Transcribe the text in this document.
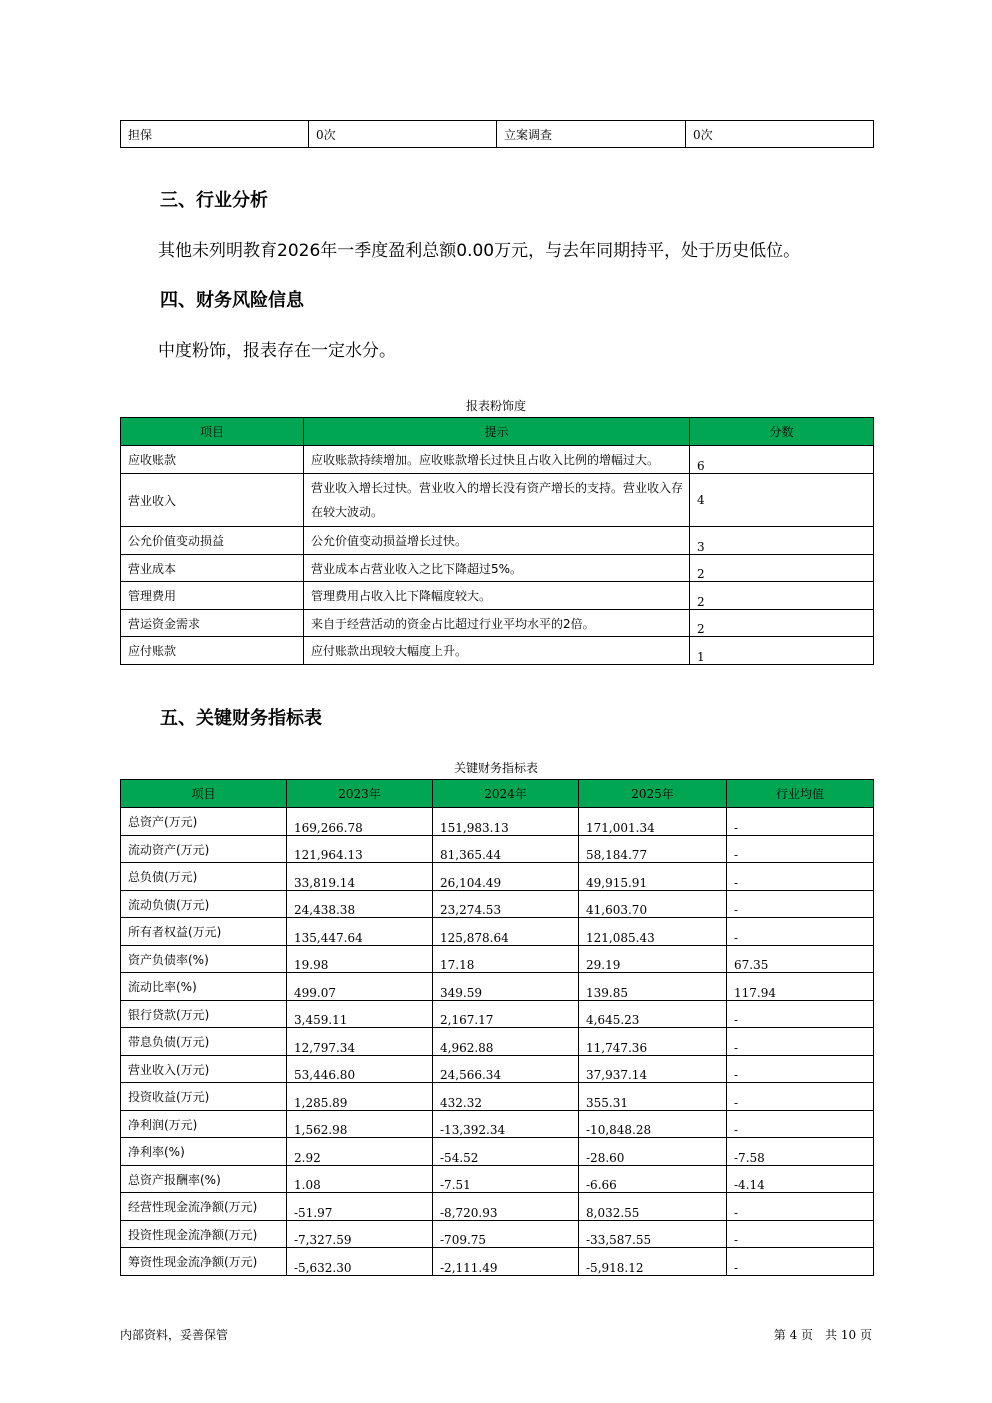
担保	0次	立案调查	0次
三、行业分析

其他未列明教育2026年一季度盈利总额0.00万元，与去年同期持平，处于历史低位。

四、财务风险信息

中度粉饰，报表存在一定水分。

报表粉饰度
项目	提示	分数
应收账款	应收账款持续增加。应收账款增长过快且占收入比例的增幅过大。	6
营业收入	营业收入增长过快。营业收入的增长没有资产增长的支持。营业收入存在较大波动。	4
公允价值变动损益	公允价值变动损益增长过快。	3
营业成本	营业成本占营业收入之比下降超过5%。	2
管理费用	管理费用占收入比下降幅度较大。	2
营运资金需求	来自于经营活动的资金占比超过行业平均水平的2倍。	2
应付账款	应付账款出现较大幅度上升。	1
五、关键财务指标表
关键财务指标表
项目	2023年	2024年	2025年	行业均值
总资产(万元)	169,266.78	151,983.13	171,001.34	-
流动资产(万元)	121,964.13	81,365.44	58,184.77	-
总负债(万元)	33,819.14	26,104.49	49,915.91	-
流动负债(万元)	24,438.38	23,274.53	41,603.70	-
所有者权益(万元)	135,447.64	125,878.64	121,085.43	-
资产负债率(%)	19.98	17.18	29.19	67.35
流动比率(%)	499.07	349.59	139.85	117.94
银行贷款(万元)	3,459.11	2,167.17	4,645.23	-
带息负债(万元)	12,797.34	4,962.88	11,747.36	-
营业收入(万元)	53,446.80	24,566.34	37,937.14	-
投资收益(万元)	1,285.89	432.32	355.31	-
净利润(万元)	1,562.98	-13,392.34	-10,848.28	-
净利率(%)	2.92	-54.52	-28.60	-7.58
总资产报酬率(%)	1.08	-7.51	-6.66	-4.14
经营性现金流净额(万元)	-51.97	-8,720.93	8,032.55	-
投资性现金流净额(万元)	-7,327.59	-709.75	-33,587.55	-
筹资性现金流净额(万元)	-5,632.30	-2,111.49	-5,918.12	-
内部资料，妥善保管	第 4 页　共 10 页
